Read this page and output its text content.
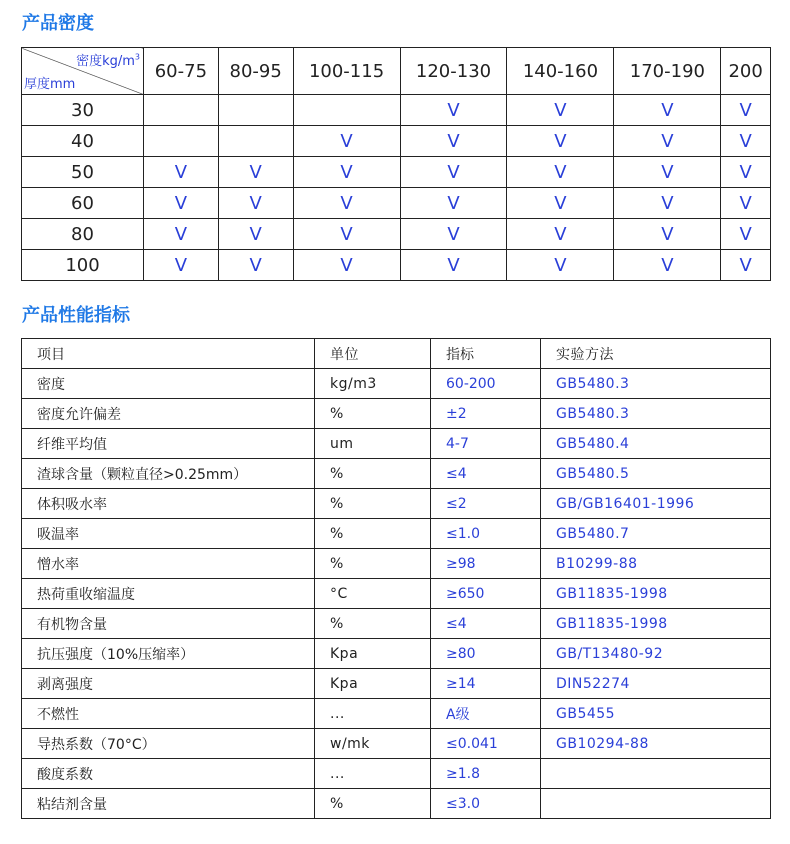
产品密度
密度$kg/m^3$
厚度mm	60-75	80-95	100-115	120-130	140-160	170-190	200
30				V	V	V	V
40			V	V	V	V	V
50	V	V	V	V	V	V	V
60	V	V	V	V	V	V	V
80	V	V	V	V	V	V	V
100	V	V	V	V	V	V	V
产品性能指标
项目	单位	指标	实验方法
密度	kg/m3	60-200	GB5480.3
密度允许偏差	%	±2	GB5480.3
纤维平均值	um	4-7	GB5480.4
渣球含量（颗粒直径>0.25mm）	%	≤4	GB5480.5
体积吸水率	%	≤2	GB/GB16401-1996
吸温率	%	≤1.0	GB5480.7
憎水率	%	≥98	B10299-88
热荷重收缩温度	°C	≥650	GB11835-1998
有机物含量	%	≤4	GB11835-1998
抗压强度（10%压缩率）	Kpa	≥80	GB/T13480-92
剥离强度	Kpa	≥14	DIN52274
不燃性	...	A级	GB5455
导热系数（70°C）	w/mk	≤0.041	GB10294-88
酸度系数	...	≥1.8	
粘结剂含量	%	≤3.0	
